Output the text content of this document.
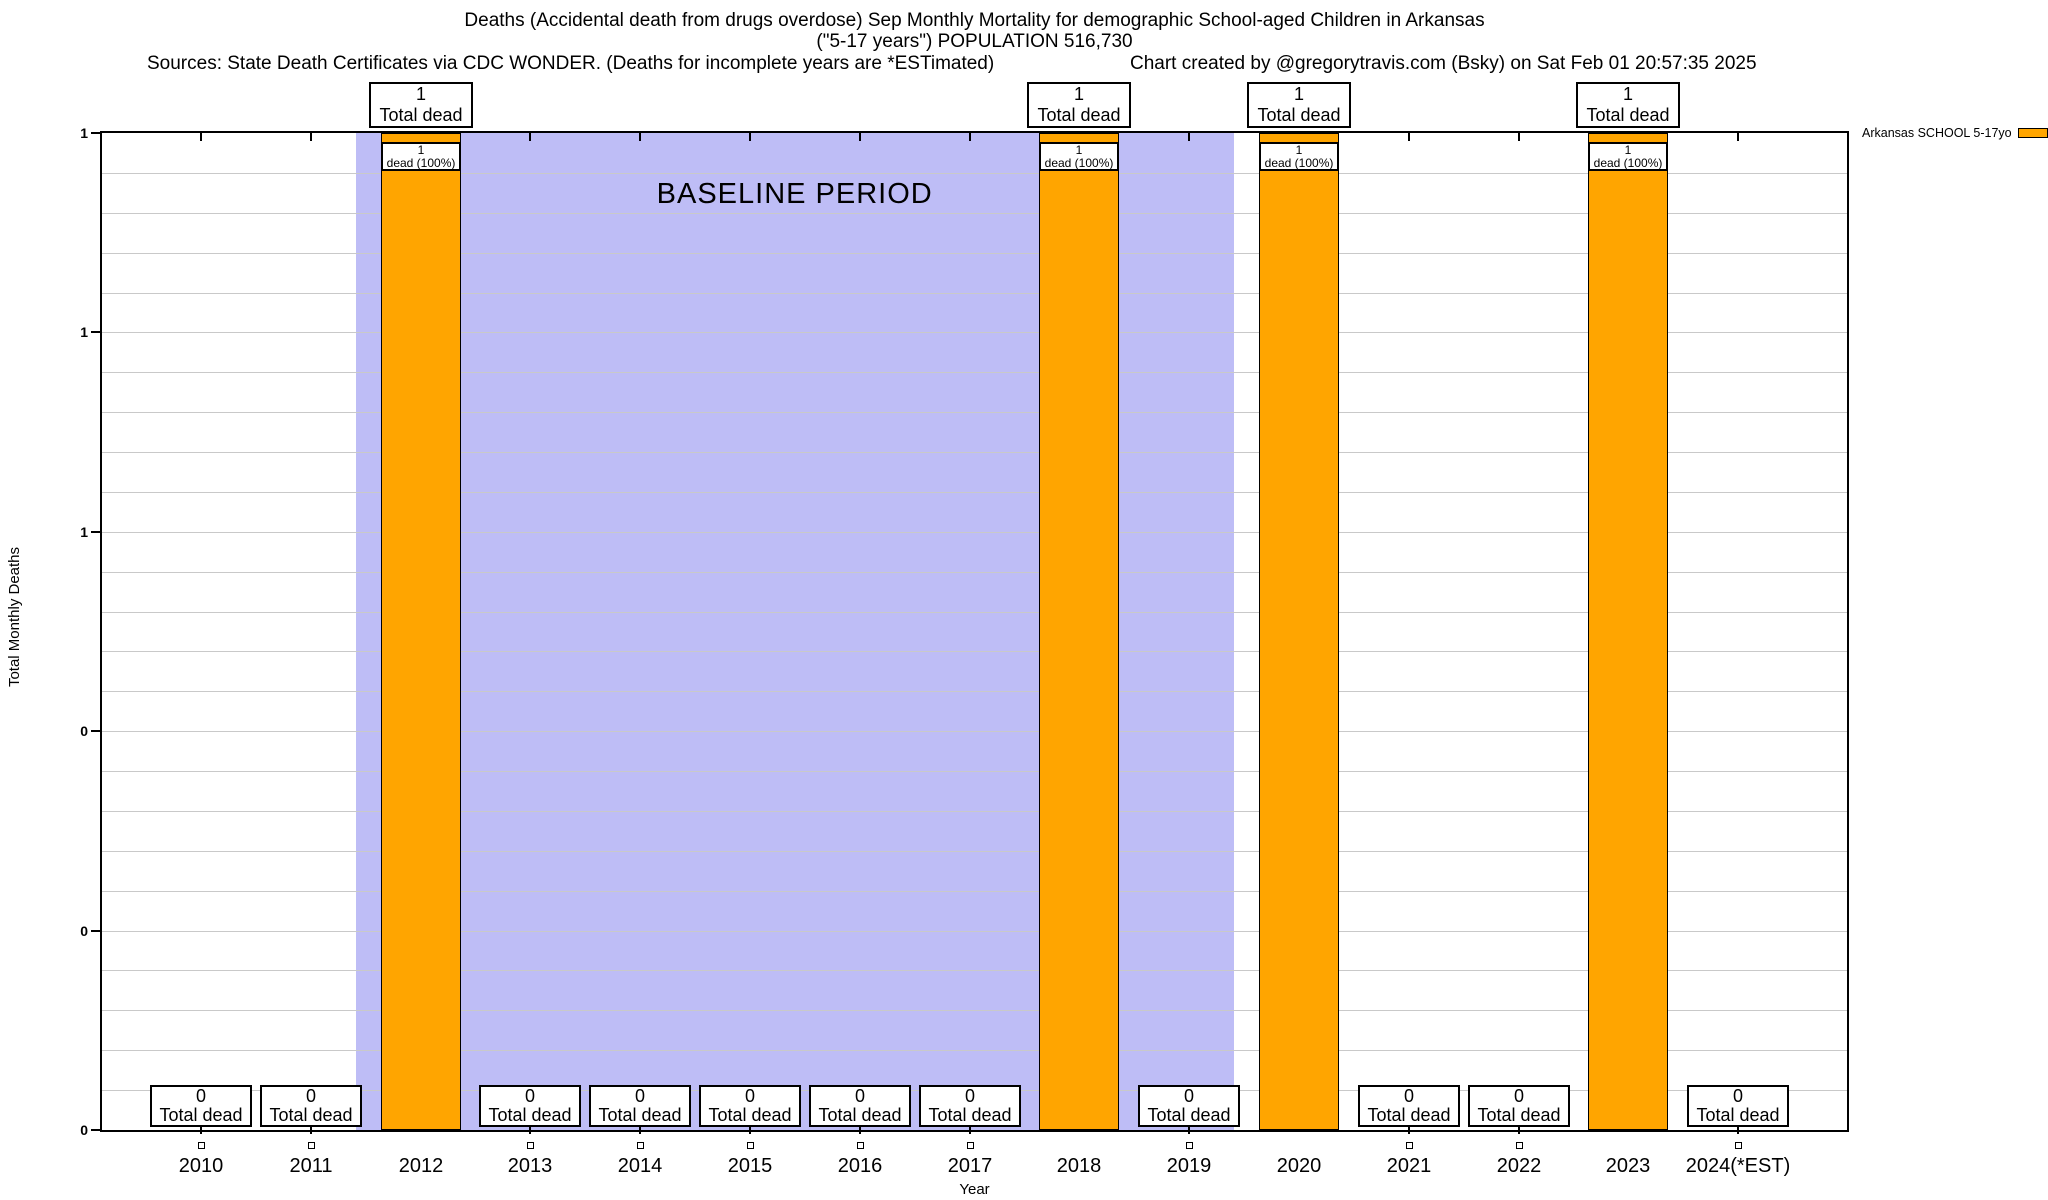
Deaths (Accidental death from drugs overdose) Sep Monthly Mortality for demographic School-aged Children in Arkansas
("5-17 years") POPULATION 516,730
Sources: State Death Certificates via CDC WONDER. (Deaths for incomplete years are *ESTimated)	Chart created by @gregorytravis.com (Bsky) on Sat Feb 01 20:57:35 2025
Total Monthly Deaths
0
Total dead
0
Total dead
1
dead (100%)
1
Total dead
0
Total dead
0
Total dead
0
Total dead
0
Total dead
0
Total dead
1
dead (100%)
1
Total dead
0
Total dead
1
dead (100%)
1
Total dead
0
Total dead
0
Total dead
1
dead (100%)
1
Total dead
0
Total dead
Year
Arkansas SCHOOL 5-17yo
1
1
1
0
0
0
BASELINE PERIOD
2010	2011	2012	2013	2014	2015	2016	2017	2018	2019	2020	2021	2022	2023	2024(*EST)
